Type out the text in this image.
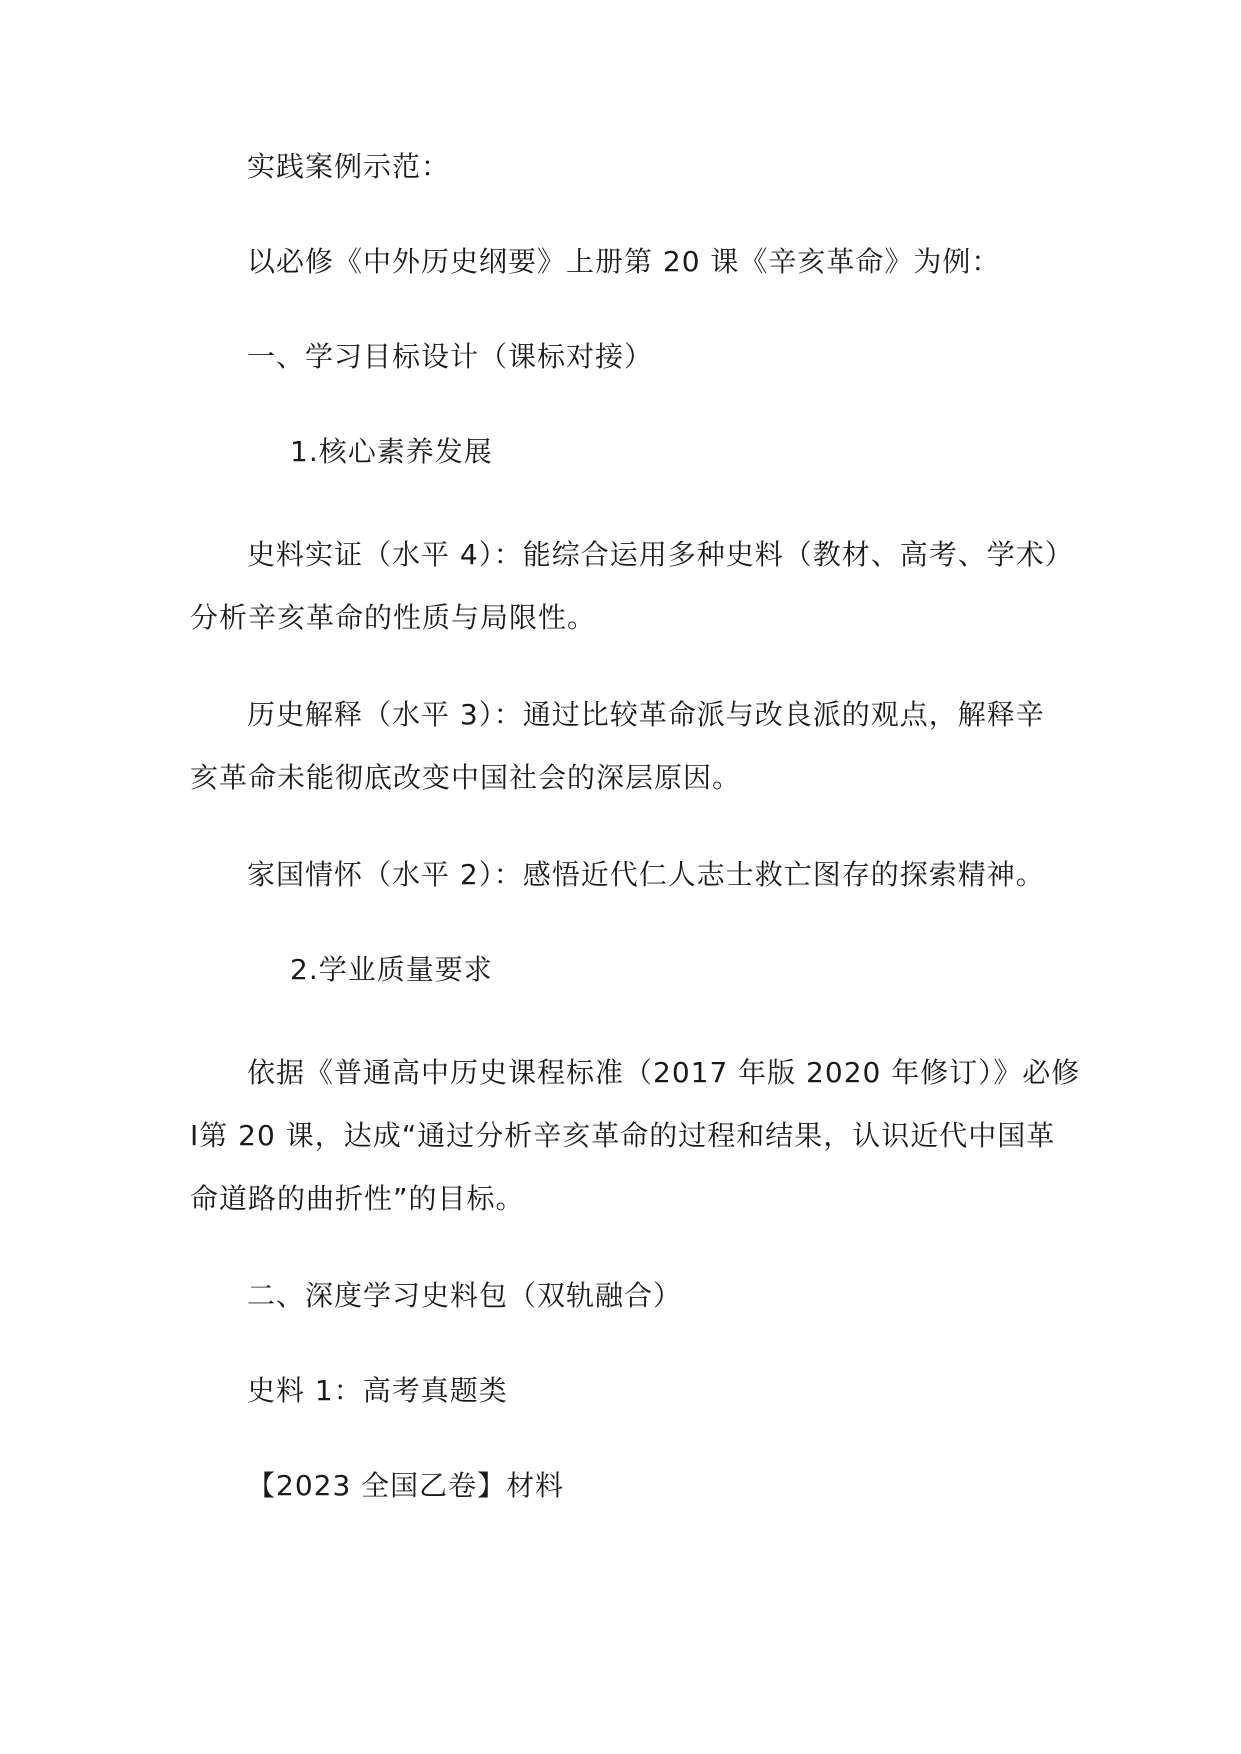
实践案例示范：
以必修《中外历史纲要》上册第 20 课《辛亥革命》为例：
一、学习目标设计（课标对接）
1.核心素养发展
史料实证（水平 4）：能综合运用多种史料（教材、高考、学术）
分析辛亥革命的性质与局限性。
历史解释（水平 3）：通过比较革命派与改良派的观点，解释辛
亥革命未能彻底改变中国社会的深层原因。
家国情怀（水平 2）：感悟近代仁人志士救亡图存的探索精神。
2.学业质量要求
依据《普通高中历史课程标准（2017 年版 2020 年修订）》必修
Ⅰ第 20 课，达成“通过分析辛亥革命的过程和结果，认识近代中国革
命道路的曲折性”的目标。
二、深度学习史料包（双轨融合）
史料 1：高考真题类
【2023 全国乙卷】材料
